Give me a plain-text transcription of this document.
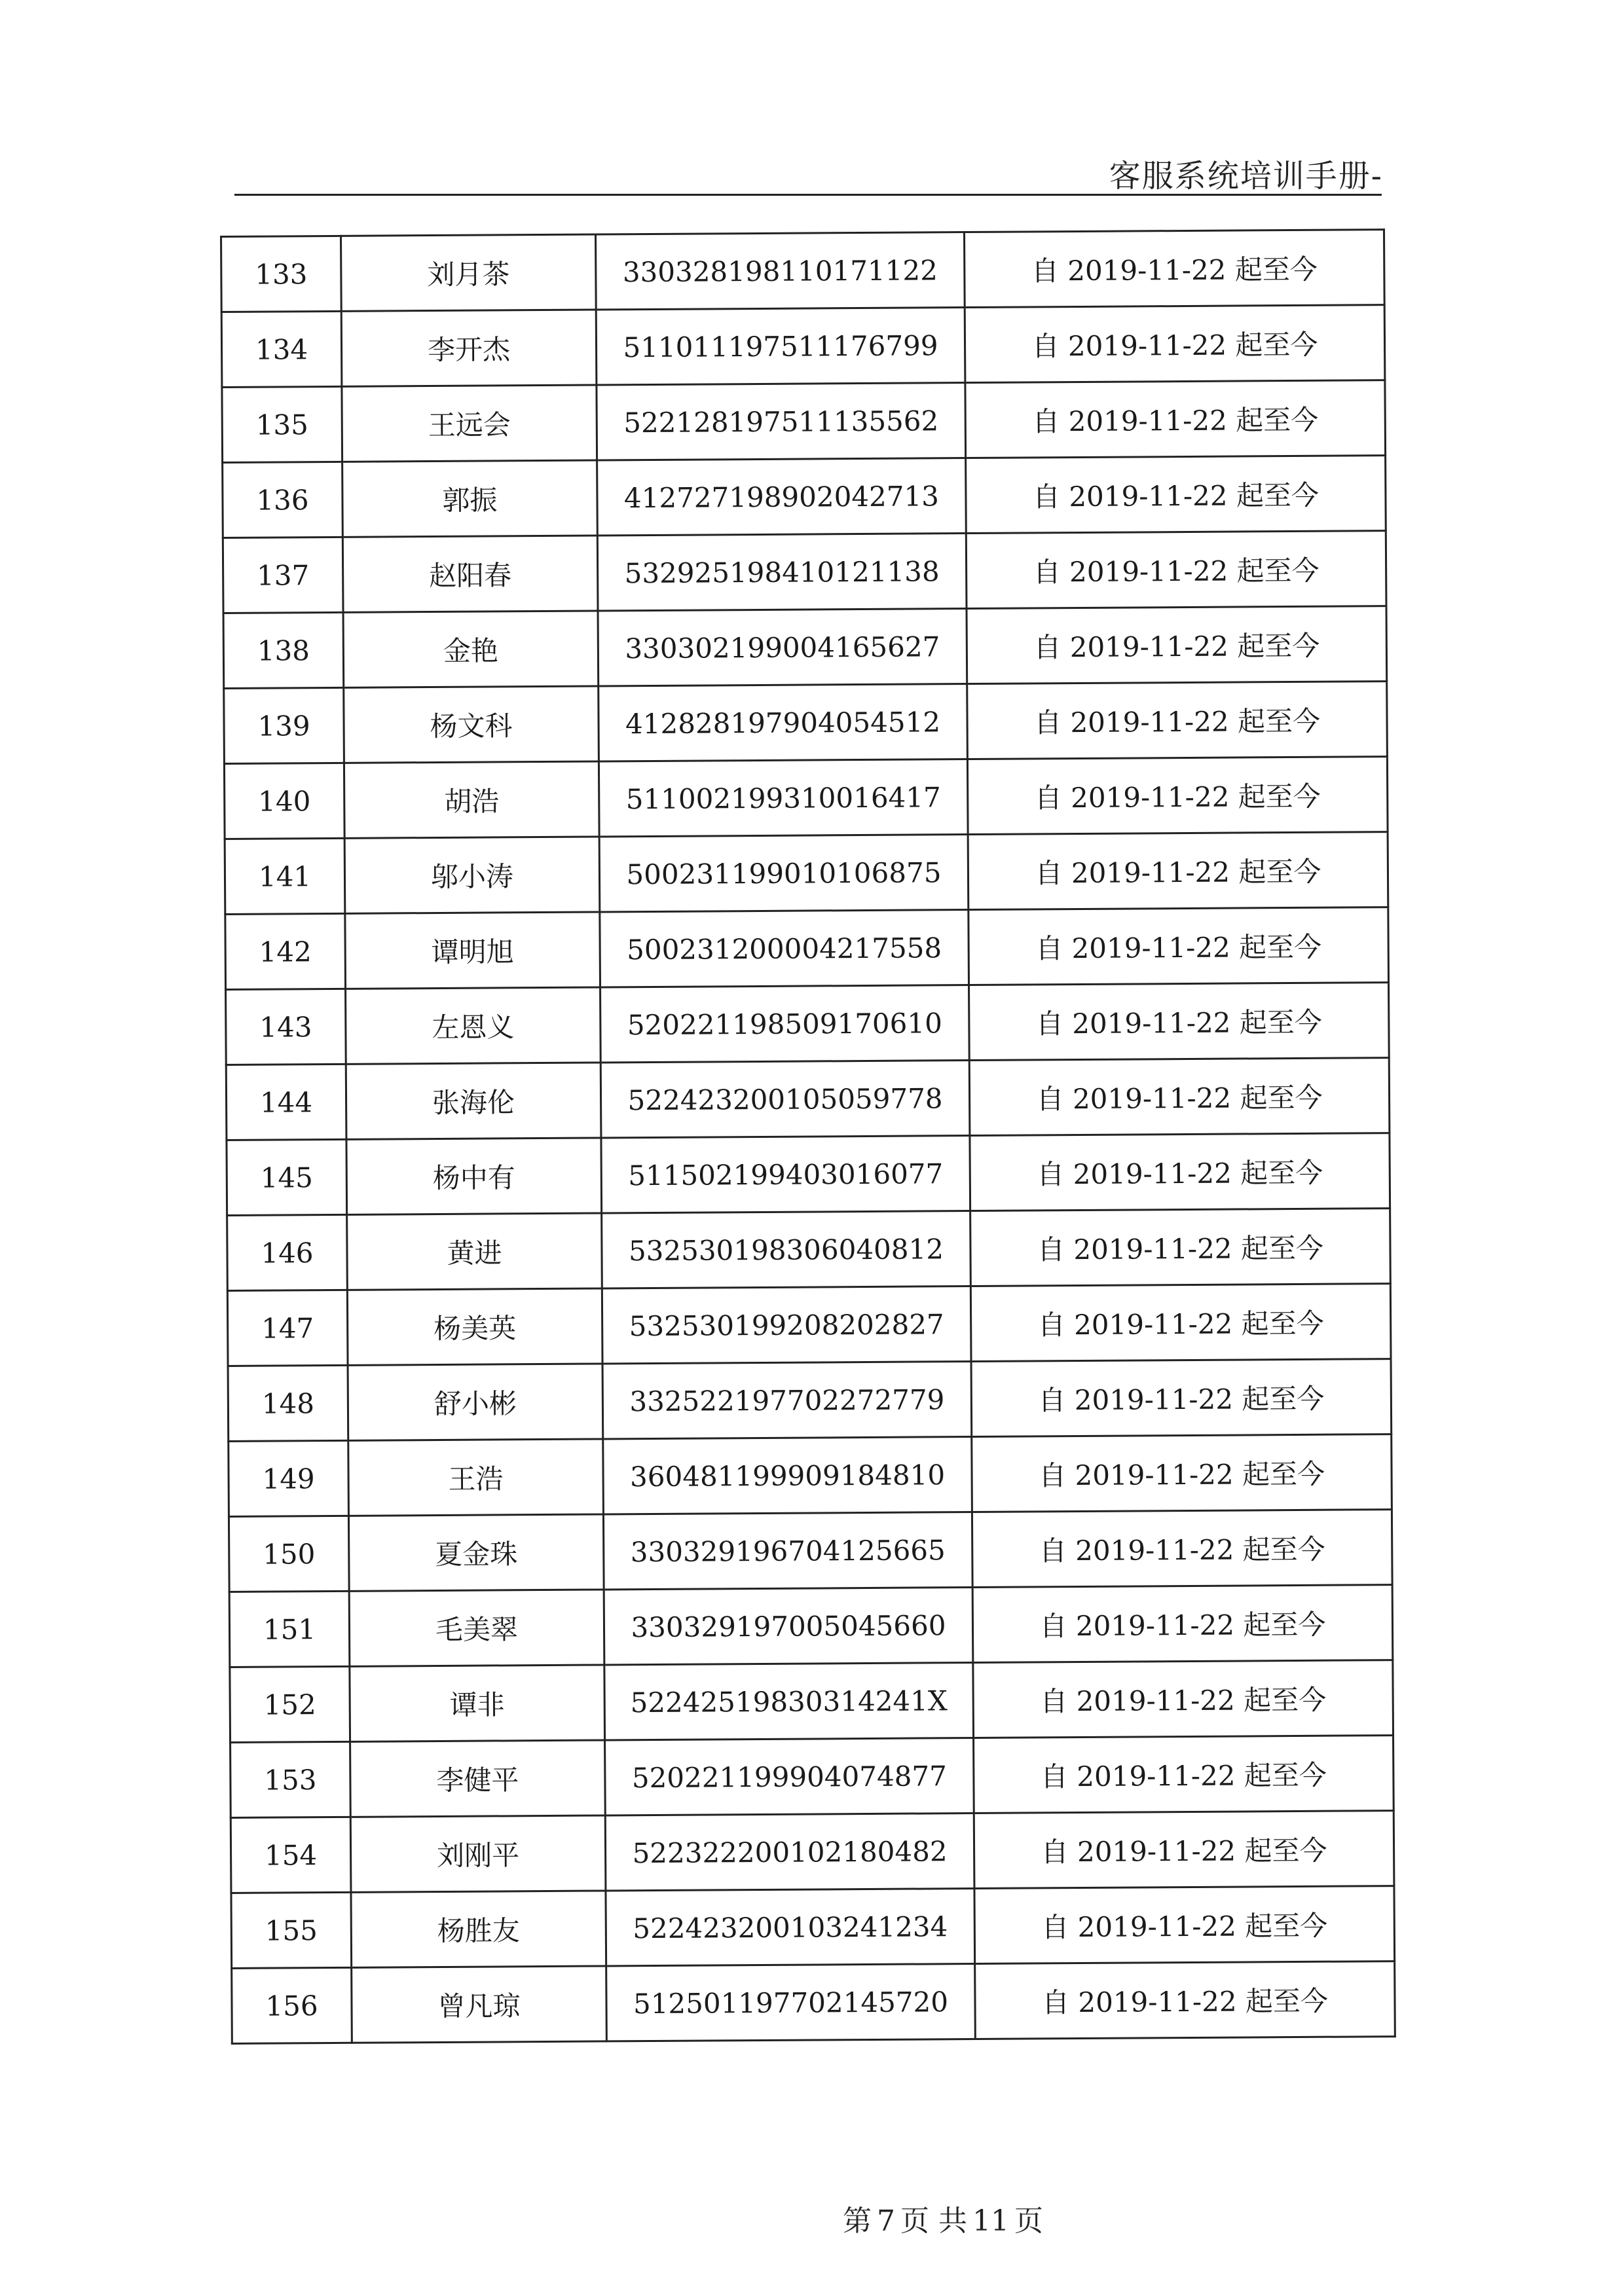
客服系统培训手册-
133	刘月茶	330328198110171122	自 2019-11-22 起至今
134	李开杰	511011197511176799	自 2019-11-22 起至今
135	王远会	522128197511135562	自 2019-11-22 起至今
136	郭振	412727198902042713	自 2019-11-22 起至今
137	赵阳春	532925198410121138	自 2019-11-22 起至今
138	金艳	330302199004165627	自 2019-11-22 起至今
139	杨文科	412828197904054512	自 2019-11-22 起至今
140	胡浩	511002199310016417	自 2019-11-22 起至今
141	邬小涛	500231199010106875	自 2019-11-22 起至今
142	谭明旭	500231200004217558	自 2019-11-22 起至今
143	左恩义	520221198509170610	自 2019-11-22 起至今
144	张海伦	522423200105059778	自 2019-11-22 起至今
145	杨中有	511502199403016077	自 2019-11-22 起至今
146	黄进	532530198306040812	自 2019-11-22 起至今
147	杨美英	532530199208202827	自 2019-11-22 起至今
148	舒小彬	332522197702272779	自 2019-11-22 起至今
149	王浩	360481199909184810	自 2019-11-22 起至今
150	夏金珠	330329196704125665	自 2019-11-22 起至今
151	毛美翠	330329197005045660	自 2019-11-22 起至今
152	谭非	52242519830314241X	自 2019-11-22 起至今
153	李健平	520221199904074877	自 2019-11-22 起至今
154	刘刚平	522322200102180482	自 2019-11-22 起至今
155	杨胜友	522423200103241234	自 2019-11-22 起至今
156	曾凡琼	512501197702145720	自 2019-11-22 起至今
第 7 页 共 11 页
